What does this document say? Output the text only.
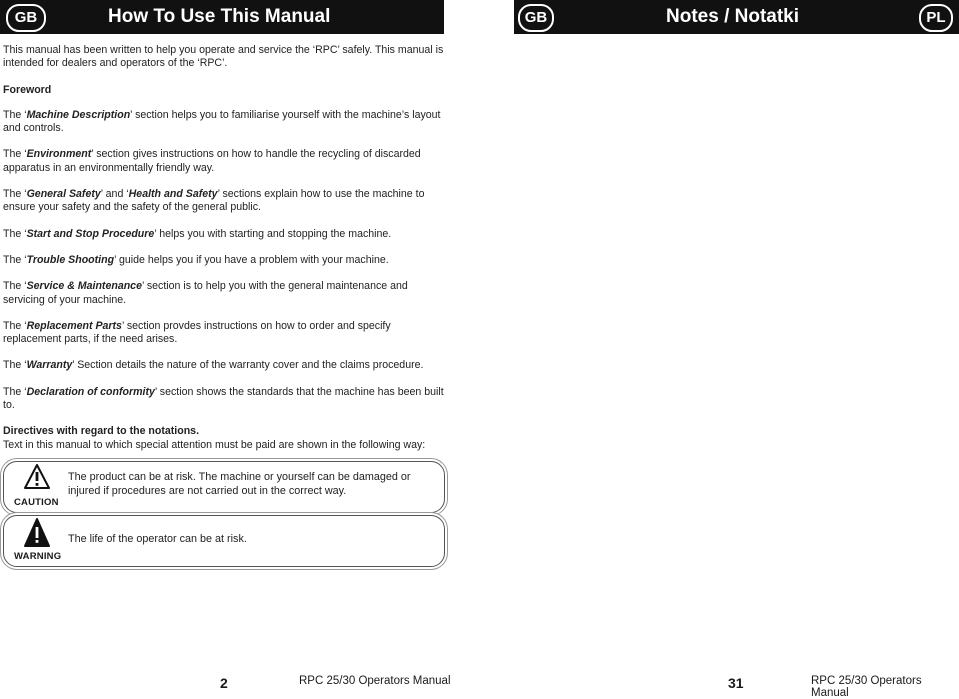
GB	How To Use This Manual	GB	Notes / Notatki	PL

This manual has been written to help you operate and service the ‘RPC’ safely. This manual is intended for dealers and operators of the ‘RPC’.

Foreword

The ‘Machine Description’ section helps you to familiarise yourself with the machine’s layout and controls.

The ‘Environment’ section gives instructions on how to handle the recycling of discarded apparatus in an environmentally friendly way.

The ‘General Safety’ and ‘Health and Safety’ sections explain how to use the machine to ensure your safety and the safety of the general public.

The ‘Start and Stop Procedure’ helps you with starting and stopping the machine.

The ‘Trouble Shooting’ guide helps you if you have a problem with your machine.

The ‘Service & Maintenance’ section is to help you with the general maintenance and servicing of your machine.

The ‘Replacement Parts’ section provdes instructions on how to order and specify replacement parts, if the need arises.

The ‘Warranty’ Section details the nature of the warranty cover and the claims procedure.

The ‘Declaration of conformity’ section shows the standards that the machine has been built to.

Directives with regard to the notations.

Text in this manual to which special attention must be paid are shown in the following way:

CAUTION
The product can be at risk. The machine or yourself can be damaged or injured if procedures are not carried out in the correct way.
WARNING
The life of the operator can be at risk.
2	RPC 25/30 Operators Manual	31	RPC 25/30 Operators Manual
